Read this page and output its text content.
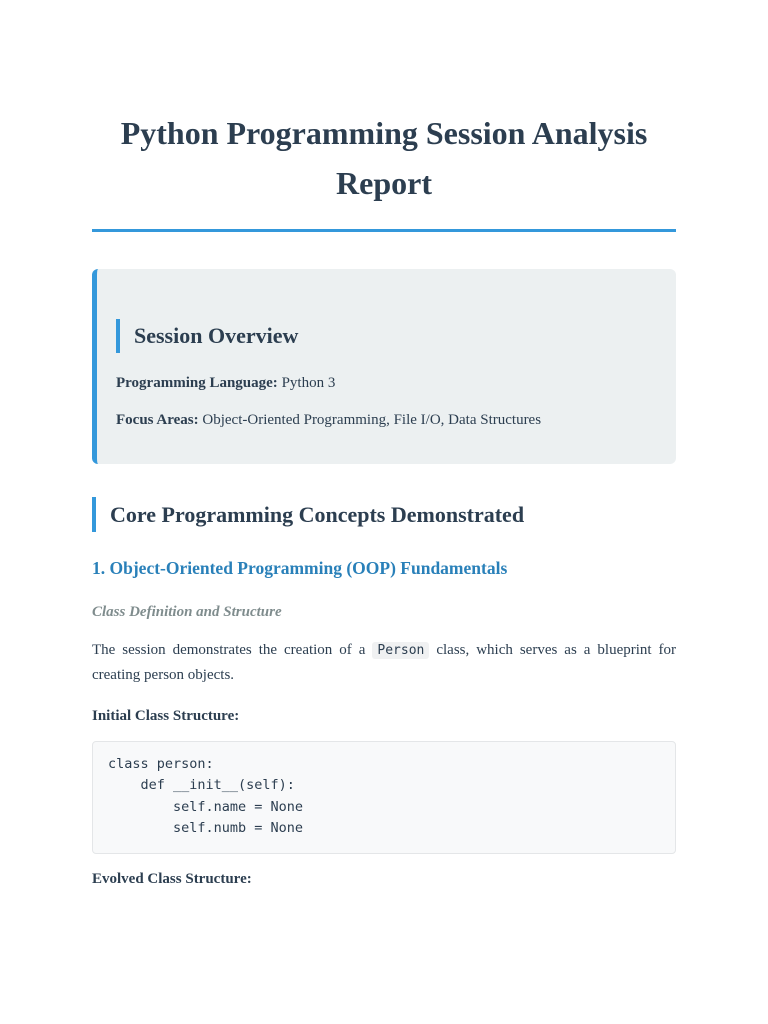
Python Programming Session Analysis Report
Session Overview

Programming Language: Python 3

Focus Areas: Object-Oriented Programming, File I/O, Data Structures

Core Programming Concepts Demonstrated
1. Object-Oriented Programming (OOP) Fundamentals
Class Definition and Structure

The session demonstrates the creation of a Person class, which serves as a blueprint for creating person objects.

Initial Class Structure:

class person:
def __init__(self):
self.name = None
self.numb = None

Evolved Class Structure:
